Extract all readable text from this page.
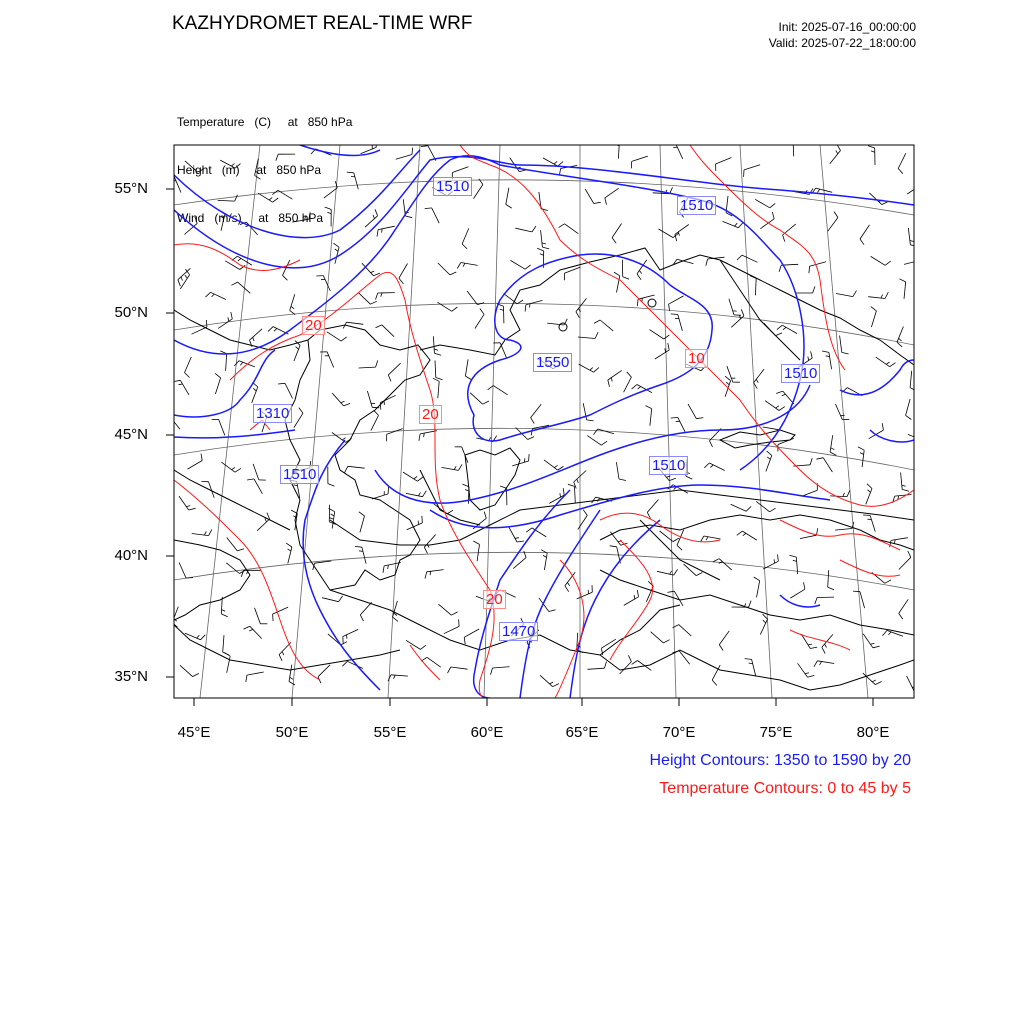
KAZHYDROMET REAL-TIME WRF	Init: 2025-07-16_00:00:00
Valid: 2025-07-22_18:00:00

Temperature   (C)     at   850 hPa

Height   (m)     at   850 hPa

Wind   (m/s)     at   850 hPa

55°N
50°N
45°N
40°N
35°N
45°E	50°E	55°E	60°E	65°E	70°E	75°E	80°E
1510
1510
1550
1510
1310
1510
1510
1470
20
20
10
20
Height Contours: 1350 to 1590 by 20
Temperature Contours: 0 to 45 by 5
